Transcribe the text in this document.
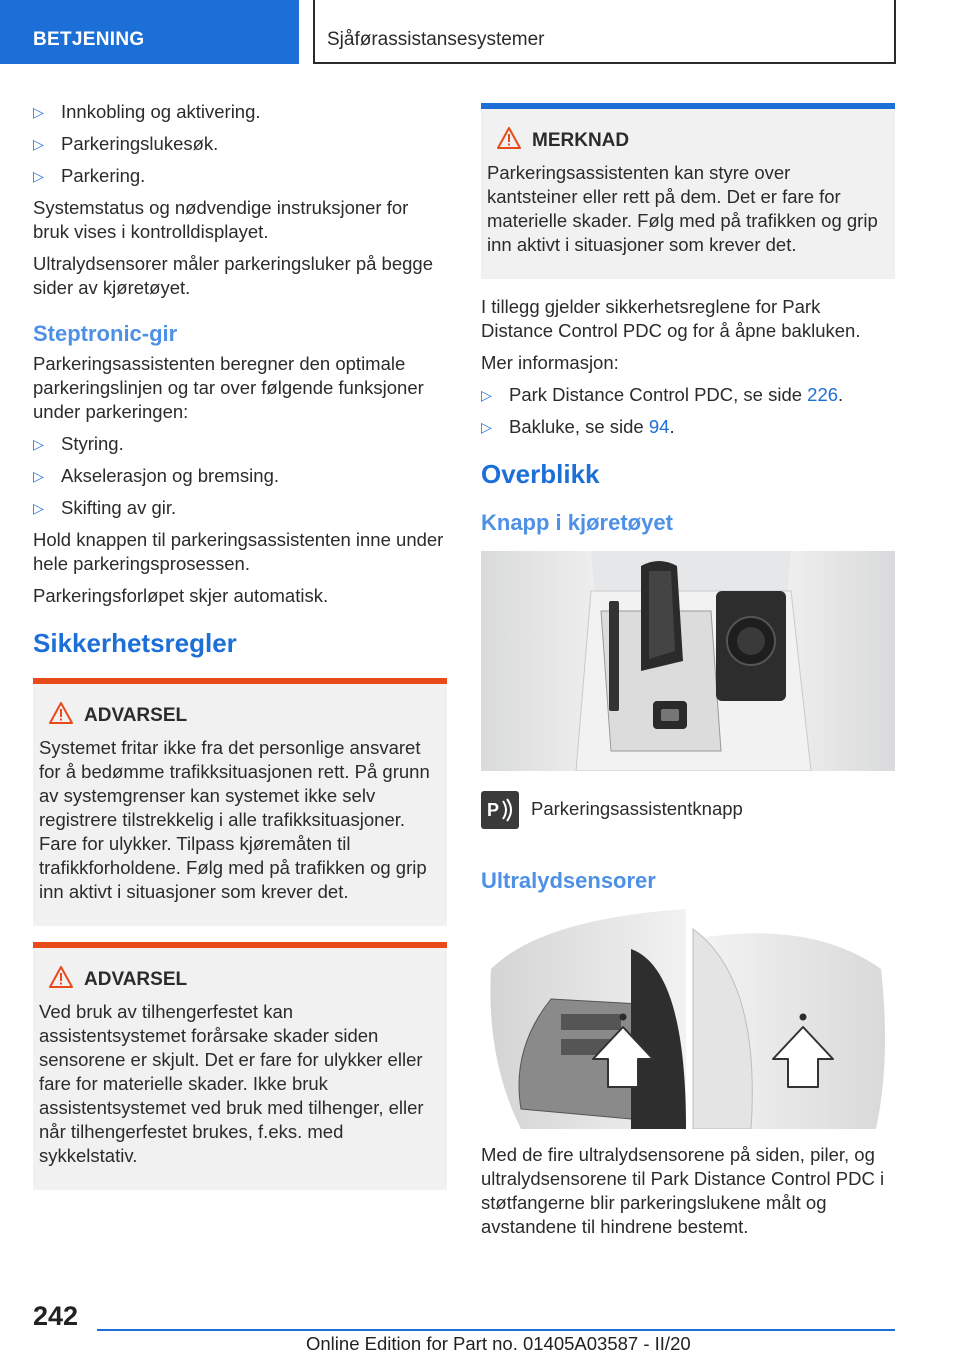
BETJENING	Sjåførassistansesystemer
▷ Innkobling og aktivering.
▷ Parkeringslukesøk.
▷ Parkering.

Systemstatus og nødvendige instruksjoner for bruk vises i kontrolldisplayet.

Ultralydsensorer måler parkeringsluker på begge sider av kjøretøyet.

Steptronic-gir

Parkeringsassistenten beregner den optimale parkeringslinjen og tar over følgende funksjoner under parkeringen:

▷ Styring.
▷ Akselerasjon og bremsing.
▷ Skifting av gir.

Hold knappen til parkeringsassistenten inne under hele parkeringsprosessen.

Parkeringsforløpet skjer automatisk.

Sikkerhetsregler
ADVARSEL
Systemet fritar ikke fra det personlige ansvaret for å bedømme trafikksituasjonen rett. På grunn av systemgrenser kan systemet ikke selv registrere tilstrekkelig i alle trafikksituasjoner. Fare for ulykker. Tilpass kjøremåten til trafikkforholdene. Følg med på trafikken og grip inn aktivt i situasjoner som krever det.
ADVARSEL
Ved bruk av tilhengerfestet kan assistentsystemet forårsake skader siden sensorene er skjult. Det er fare for ulykker eller fare for materielle skader. Ikke bruk assistentsystemet ved bruk med tilhenger, eller når tilhengerfestet brukes, f.eks. med sykkelstativ.
MERKNAD
Parkeringsassistenten kan styre over kantsteiner eller rett på dem. Det er fare for materielle skader. Følg med på trafikken og grip inn aktivt i situasjoner som krever det.

I tillegg gjelder sikkerhetsreglene for Park Distance Control PDC og for å åpne bakluken.

Mer informasjon:

▷ Park Distance Control PDC, se side 226.
▷ Bakluke, se side 94.
Overblikk
Knapp i kjøretøyet
P Parkeringsassistentknapp
Ultralydsensorer

Med de fire ultralydsensorene på siden, piler, og ultralydsensorene til Park Distance Control PDC i støtfangerne blir parkeringslukene målt og avstandene til hindrene bestemt.

242
Online Edition for Part no. 01405A03587 - II/20
